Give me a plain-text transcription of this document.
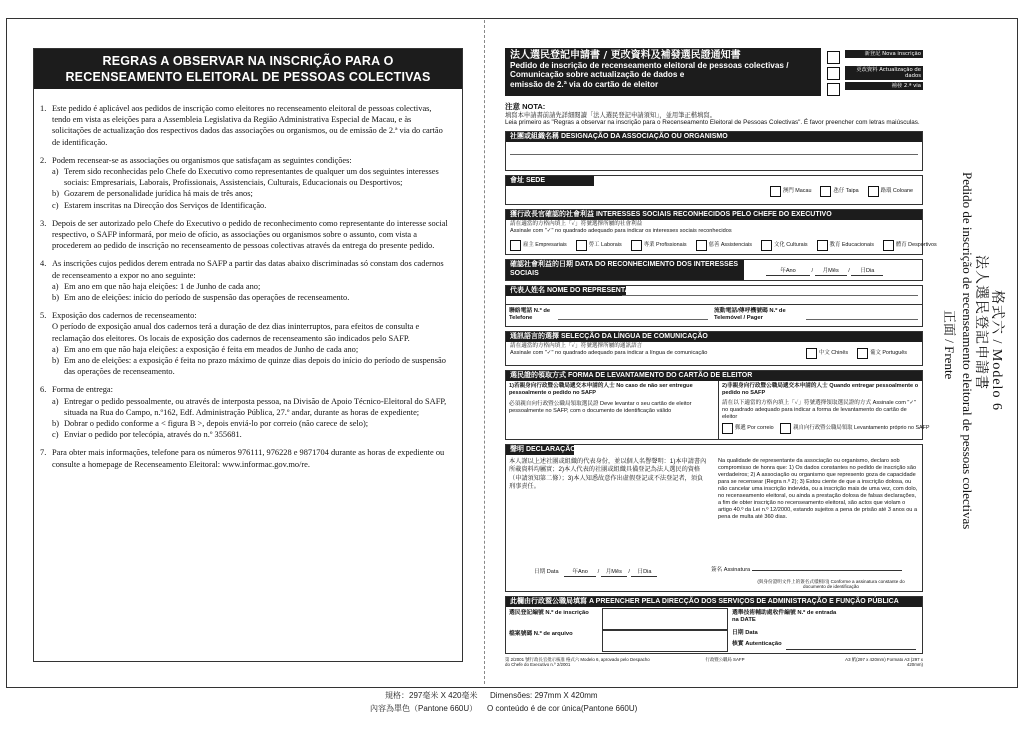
REGRAS A OBSERVAR NA INSCRIÇÃO PARA O
RECENSEAMENTO ELEITORAL DE PESSOAS COLECTIVAS
1. Este pedido é aplicável aos pedidos de inscrição como eleitores no recenseamento eleitoral de pessoas colectivas, tendo em vista as eleições para a Assembleia Legislativa da Região Administrativa Especial de Macau, e às solicitações de actualização dos respectivos dados das associações ou organismos, ou de emissão de 2.ª via do cartão de identificação.

2. Podem recensear-se as associações ou organismos que satisfaçam as seguintes condições:

a) Terem sido reconhecidas pelo Chefe do Executivo como representantes de qualquer um dos seguintes interesses sociais: Empresariais, Laborais, Profissionais, Assistenciais, Culturais, Educacionais ou Desportivos;
b) Gozarem de personalidade jurídica há mais de três anos;
c) Estarem inscritas na Direcção dos Serviços de Identificação.
3. Depois de ser autorizado pelo Chefe do Executivo o pedido de reconhecimento como representante do interesse social respectivo, o SAFP informará, por meio de ofício, as associações ou organismos sobre o assunto, com vista a procederem ao pedido de inscrição no recenseamento de pessoas colectivas através da entrega do presente pedido.

4. As inscrições cujos pedidos derem entrada no SAFP a partir das datas abaixo discriminadas só constam dos cadernos de recenseamento a expor no ano seguinte:

a) Em ano em que não haja eleições: 1 de Junho de cada ano;
b) Em ano de eleições: início do período de suspensão das operações de recenseamento.
5. Exposição dos cadernos de recenseamento:

O período de exposição anual dos cadernos terá a duração de dez dias ininterruptos, para efeitos de consulta e reclamação dos eleitores. Os locais de exposição dos cadernos de recenseamento são indicados pelo SAFP.

a) Em ano em que não haja eleições: a exposição é feita em meados de Junho de cada ano;
b) Em ano de eleições: a exposição é feita no prazo máximo de quinze dias depois do início do período de suspensão das operações de recenseamento.
6. Forma de entrega:

a) Entregar o pedido pessoalmente, ou através de interposta pessoa, na Divisão de Apoio Técnico-Eleitoral do SAFP, situada na Rua do Campo, n.º162, Edf. Administração Pública, 27.º andar, durante as horas de expediente;
b) Dobrar o pedido conforme a < figura B >, depois enviá-lo por correio (não carece de selo);
c) Enviar o pedido por telecópia, através do n.º 355681.
7. Para obter mais informações, telefone para os números 976111, 976228 e 9871704 durante as horas de expediente ou consulte a homepage de Recenseamento Eleitoral: www.informac.gov.mo/re.

法人選民登記申請書 / 更改資料及補發選民證通知書
Pedido de inscrição de recenseamento eleitoral de pessoas colectivas /
Comunicação sobre actualização de dados e
emissão de 2.ª via do cartão de eleitor
新登記 Nova inscrição
更改資料 Actualização de dados
補發 2.ª via
注意 NOTA:
填寫本申請書前請先詳細閱讀「法人選民登記申請須知」，並用筆正楷填寫。
Leia primeiro as "Regras a observar na inscrição para o Recenseamento Eleitoral de Pessoas Colectivas". É favor preencher com letras maiúsculas.
社團或組織名稱 DESIGNAÇÃO DA ASSOCIAÇÃO OU ORGANISMO
會址 SEDE
澳門 Macau
	氹仔 Taipa
	路環 Coloane
獲行政長官確認的社會利益 INTERESSES SOCIAIS RECONHECIDOS PELO CHEFE DO EXECUTIVO
請在適當的方格內填上「✓」符號選擇所屬的社會利益
Assinale com "✓" no quadrado adequado para indicar os interesses sociais reconhecidos
雇主 Empresariais
	勞工 Laborais
	專業 Profissionais
	慈善 Assistenciais
	文化 Culturais
	教育 Educacionais
	體育 Desportivos
確認社會利益的日期 DATA DO RECONHECIMENTO DOS INTERESSES SOCIAIS	年Ano	/ 月Mês / 日Dia
代表人姓名 NOME DO REPRESENTANTE
聯絡電話 N.º de Telefone
流動電話/傳呼機號碼 N.º de Telemóvel / Pager
通訊語言的選擇 SELECÇÃO DA LÍNGUA DE COMUNICAÇÃO
請在適當的方格內填上「✓」符號選擇所屬的通訊語言
Assinale com "✓" no quadrado adequado para indicar a língua de comunicação	中文 Chinês
	葡文 Português
選民證的領取方式 FORMA DE LEVANTAMENTO DO CARTÃO DE ELEITOR
1)若親身向行政暨公職局遞交本申請的人士 No caso de não ser entregue pessoalmente o pedido no SAFP
必須親自向行政暨公職局領取選民證 Deve levantar o seu cartão de eleitor pessoalmente no SAFP, com o documento de identificação válido
2)非親身向行政暨公職局遞交本申請的人士 Quando entregar pessoalmente o pedido no SAFP
請在以下適當的方格內填上「✓」符號選擇領取選民證的方式 Assinale com "✓" no quadrado adequado para indicar a forma de levantamento do cartão de eleitor
郵遞 Por correio
	親自向行政暨公職局領取 Levantamento próprio no SAFP
聲明 DECLARAÇÃO
本人謹以上述社團或組織的代表身份，並以個人名譽聲明：1)本申請書內所載資料均屬實；2)本人代表的社團或組織具備登記為法人選民的資格（申請須知第二條）；3)本人知悉故意作出虛假登記或不法登記者，須負刑事責任。
Na qualidade de representante da associação ou organismo, declaro sob compromisso de honra que: 1) Os dados constantes no pedido de inscrição são verdadeiros; 2) A associação ou organismo que represento goza de capacidade para se recensear (Regra n.º 2); 3) Estou ciente de que a inscrição dolosa, ou não cancelar uma inscrição indevida, ou a inscrição mais de uma vez, com dolo, no recenseamento eleitoral, ou ainda a prestação dolosa de falsas declarações, a fim de obter inscrição no recenseamento eleitoral, são actos que violam o artigo 40.º da Lei n.º 12/2000, estando sujeitos a pena de prisão até 3 anos ou a pena de multa até 360 dias.
日期 Data 年Ano / 月Mês / 日Dia	簽名 Assinatura
(與身份證明文件上的簽名式樣相同) Conforme a assinatura constante do documento de identificação
此欄由行政暨公職局填寫 A PREENCHER PELA DIRECÇÃO DOS SERVIÇOS DE ADMINISTRAÇÃO E FUNÇÃO PÚBLICA
選民登記編號 N.º de inscrição	選舉技術輔助處收件編號 N.º de entrada na DATE
檔案號碼 N.º de arquivo	日期 Data
核實 Autenticação
第 2/2001 號行政長官批示核准 格式六 Modelo 6, aprovado pelo Despacho do Chefe do Executivo n.º 2/2001
行政暨公職局 SAFP	A3 紙(297 x 420mm) Formato A3 (297 x 420mm)
格式六 / Modelo 6
法人選民登記申請書
Pedido de inscrição de recenseamento eleitoral de pessoas colectivas
正面 / Frente
規格：297毫米 X 420毫米 Dimensões: 297mm X 420mm
內容為單色（Pantone 660U） O conteúdo é de cor única(Pantone 660U)
